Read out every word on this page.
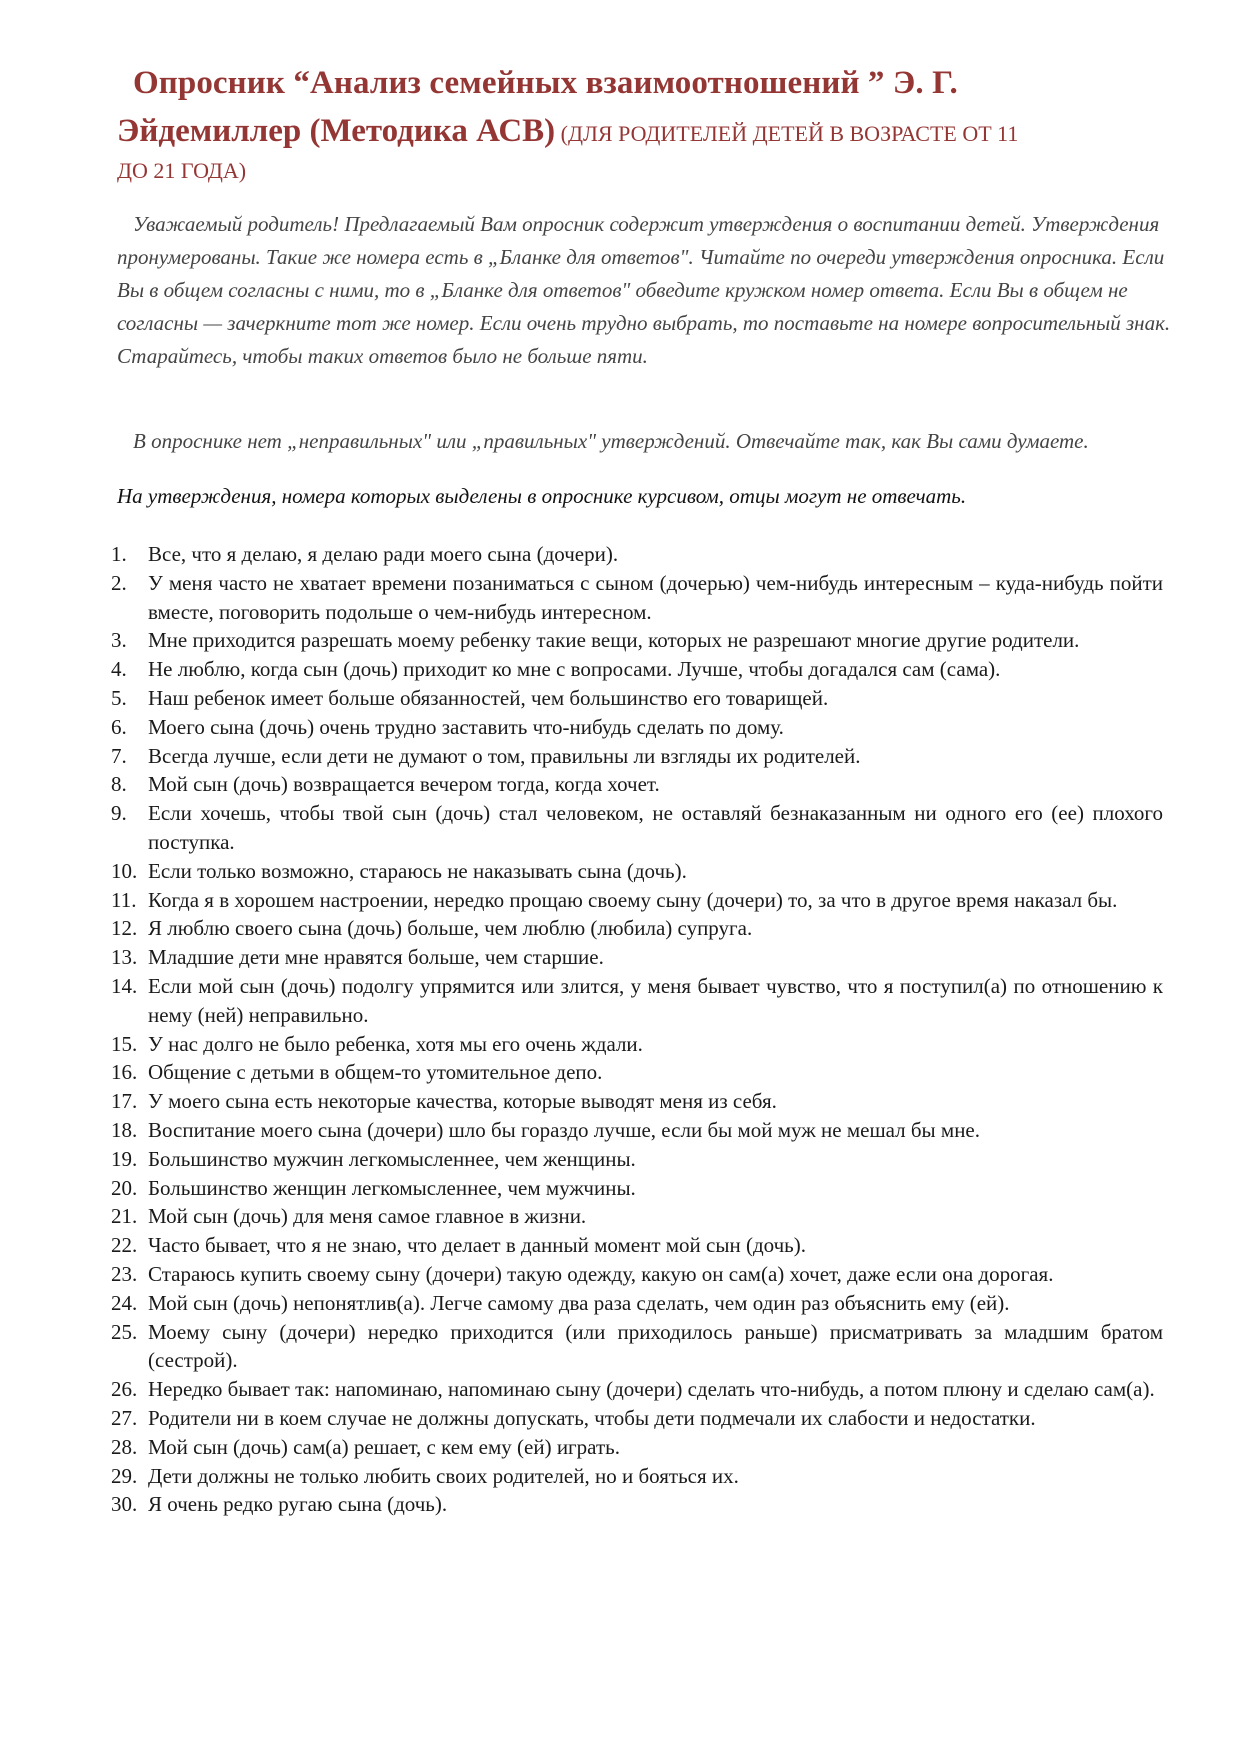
Опросник “Анализ семейных взаимоотношений ” Э. Г.
Эйдемиллер (Методика АСВ) (ДЛЯ РОДИТЕЛЕЙ ДЕТЕЙ В ВОЗРАСТЕ ОТ 11
ДО 21 ГОДА)

Уважаемый родитель! Предлагаемый Вам опросник содержит утверждения о воспитании детей. Утверждения пронумерованы. Такие же номера есть в „Бланке для ответов". Читайте по очереди утверждения опросника. Если Вы в общем согласны с ними, то в „Бланке для ответов" обведите кружком номер ответа. Если Вы в общем не согласны — зачеркните тот же номер. Если очень трудно выбрать, то поставьте на номере вопросительный знак. Старайтесь, чтобы таких ответов было не больше пяти.

В опроснике нет „неправильных" или „правильных" утверждений. Отвечайте так, как Вы сами думаете.

На утверждения, номера которых выделены в опроснике курсивом, отцы могут не отвечать.

1. Все, что я делаю, я делаю ради моего сына (дочери).
2. У меня часто не хватает времени позаниматься с сыном (дочерью) чем-нибудь интересным – куда-нибудь пойти вместе, поговорить подольше о чем-нибудь интересном.
3. Мне приходится разрешать моему ребенку такие вещи, которых не разрешают многие другие родители.
4. Не люблю, когда сын (дочь) приходит ко мне с вопросами. Лучше, чтобы догадался сам (сама).
5. Наш ребенок имеет больше обязанностей, чем большинство его товарищей.
6. Моего сына (дочь) очень трудно заставить что-нибудь сделать по дому.
7. Всегда лучше, если дети не думают о том, правильны ли взгляды их родителей.
8. Мой сын (дочь) возвращается вечером тогда, когда хочет.
9. Если хочешь, чтобы твой сын (дочь) стал человеком, не оставляй безнаказанным ни одного его (ее) плохого поступка.
10. Если только возможно, стараюсь не наказывать сына (дочь).
11. Когда я в хорошем настроении, нередко прощаю своему сыну (дочери) то, за что в другое время наказал бы.
12. Я люблю своего сына (дочь) больше, чем люблю (любила) супруга.
13. Младшие дети мне нравятся больше, чем старшие.
14. Если мой сын (дочь) подолгу упрямится или злится, у меня бывает чувство, что я поступил(а) по отношению к нему (ней) неправильно.
15. У нас долго не было ребенка, хотя мы его очень ждали.
16. Общение с детьми в общем-то утомительное депо.
17. У моего сына есть некоторые качества, которые выводят меня из себя.
18. Воспитание моего сына (дочери) шло бы гораздо лучше, если бы мой муж не мешал бы мне.
19. Большинство мужчин легкомысленнее, чем женщины.
20. Большинство женщин легкомысленнее, чем мужчины.
21. Мой сын (дочь) для меня самое главное в жизни.
22. Часто бывает, что я не знаю, что делает в данный момент мой сын (дочь).
23. Стараюсь купить своему сыну (дочери) такую одежду, какую он сам(а) хочет, даже если она дорогая.
24. Мой сын (дочь) непонятлив(а). Легче самому два раза сделать, чем один раз объяснить ему (ей).
25. Моему сыну (дочери) нередко приходится (или приходилось раньше) присматривать за младшим братом (сестрой).
26. Нередко бывает так: напоминаю, напоминаю сыну (дочери) сделать что-нибудь, а потом плюну и сделаю сам(а).
27. Родители ни в коем случае не должны допускать, чтобы дети подмечали их слабости и недостатки.
28. Мой сын (дочь) сам(а) решает, с кем ему (ей) играть.
29. Дети должны не только любить своих родителей, но и бояться их.
30. Я очень редко ругаю сына (дочь).
